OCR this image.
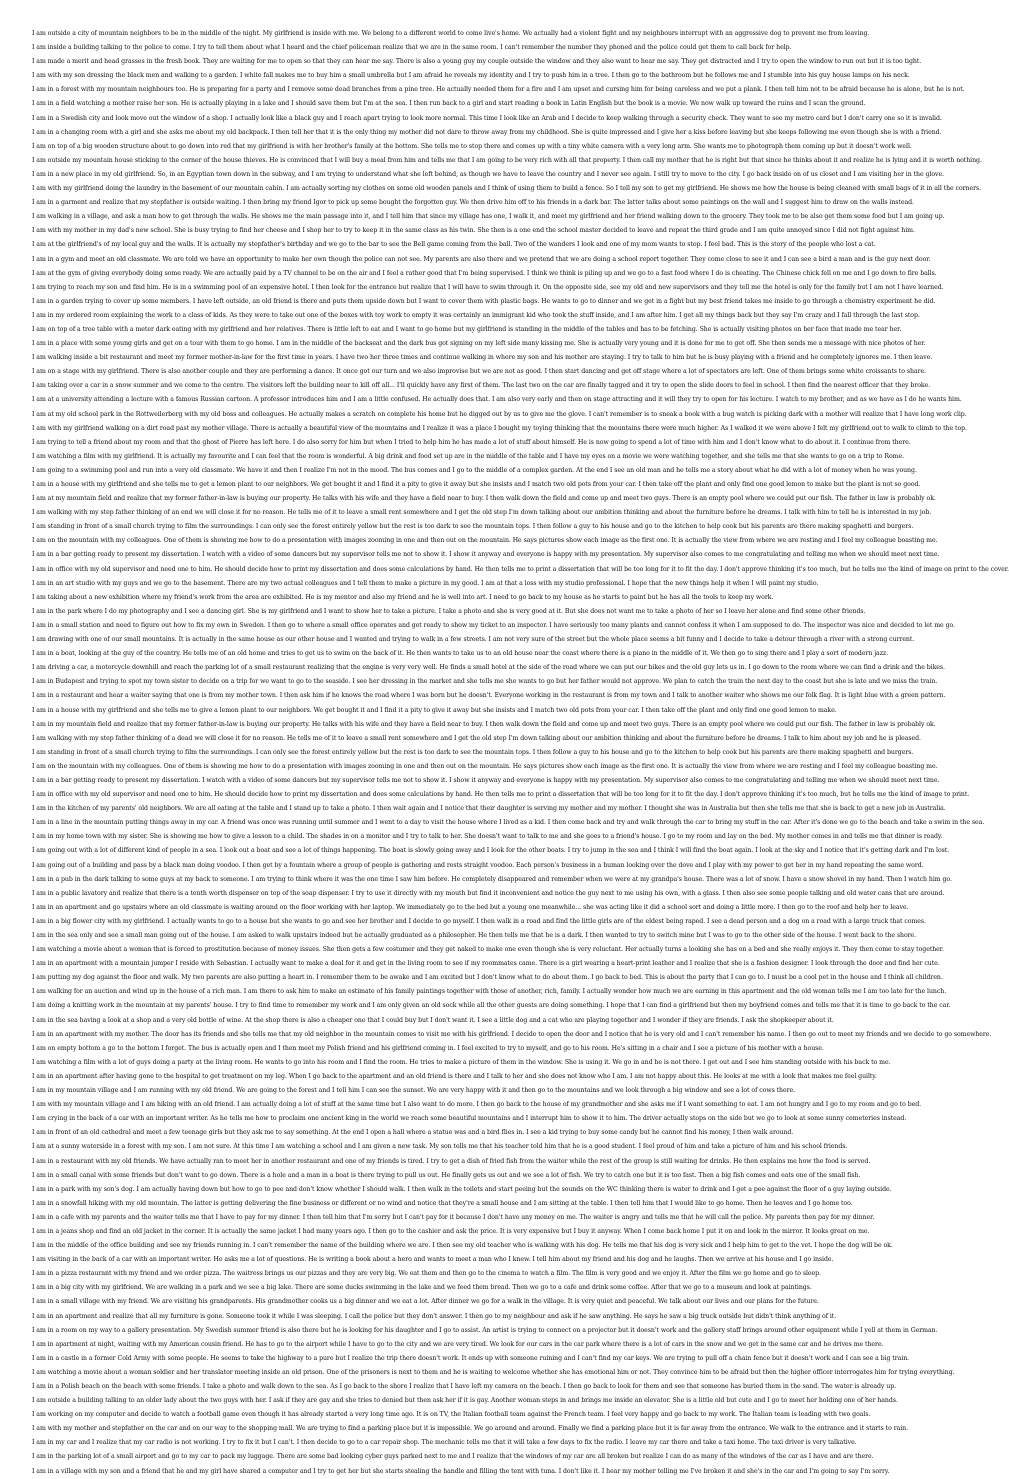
I am outside a city of mountain neighbors to be in the middle of the night. My girlfriend is inside with me. We belong to a different world to come live's home. We actually had a violent fight and my neighbours interrupt with an aggressive dog to prevent me from leaving.
I am inside a building talking to the police to come. I try to tell them about what I heard and the chief policeman realize that we are in the same room. I can't remember the number they phoned and the police could get them to call back for help.
I am made a merit and head grasses in the fresh book. They are waiting for me to open so that they can hear me say. There is also a young guy my couple outside the window and they also want to hear me say. They get distracted and I try to open the window to run out but it is too tight.
I am with my son dressing the black men and walking to a garden. I white fall makes me to buy him a small umbrella but I am afraid he reveals my identity and I try to push him in a tree. I then go to the bathroom but he follows me and I stumble into his guy house lamps on his neck.
I am in a forest with my mountain neighbours too. He is preparing for a party and I remove some dead branches from a pine tree. He actually needed them for a fire and I am upset and cursing him for being careless and we put a plank. I then tell him not to be afraid because he is alone, but he is not.
I am in a field watching a mother raise her son. He is actually playing in a lake and I should save them but I'm at the sea. I then run back to a girl and start reading a book in Latin English but the book is a movie. We now walk up toward the ruins and I scan the ground.
I am in a Swedish city and look move out the window of a shop. I actually look like a black guy and I reach apart trying to look more normal. This time I look like an Arab and I decide to keep walking through a security check. They want to see my metro card but I don't carry one so it is invalid.
I am in a changing room with a girl and she asks me about my old backpack. I then tell her that it is the only thing my mother did not dare to throw away from my childhood. She is quite impressed and I give her a kiss before leaving but she keeps following me even though she is with a friend.
I am on top of a big wooden structure about to go down into red that my girlfriend is with her brother's family at the bottom. She tells me to stop there and comes up with a tiny white camera with a very long arm. She wants me to photograph them coming up but it doesn't work well.
I am outside my mountain house sticking to the corner of the house thieves. He is convinced that I will buy a meal from him and tells me that I am going to be very rich with all that property. I then call my mother that he is right but that since he thinks about it and realize he is lying and it is worth nothing.
I am in a new place in my old girlfriend. So, in an Egyptian town down in the subway, and I am trying to understand what she left behind, as though we have to leave the country and I never see again. I still try to move to the city. I go back inside on of us closet and I am visiting her in the glove.
I am with my girlfriend doing the laundry in the basement of our mountain cabin. I am actually sorting my clothes on some old wooden panels and I think of using them to build a fence. So I tell my son to get my girlfriend. He shows me how the house is being cleaned with small bags of it in all the corners.
I am in a garment and realize that my stepfather is outside waiting. I then bring my friend Igor to pick up some bought the forgotten guy. We then drive him off to his friends in a dark bar. The latter talks about some paintings on the wall and I suggest him to draw on the walls instead.
I am walking in a village, and ask a man how to get through the walls. He shows me the main passage into it, and I tell him that since my village has one, I walk it, and meet my girlfriend and her friend walking down to the grocery. They took me to be also get them some food but I am going up.
I am with my mother in my dad's new school. She is busy trying to find her cheese and I shop her to try to keep it in the same class as his twin. She then is a one end the school master decided to leave and repeat the third grade and I am quite annoyed since I did not fight against him.
I am at the girlfriend's of my local guy and the walls. It is actually my stepfather's birthday and we go to the bar to see the Bell game coming from the ball. Two of the wanders I look and one of my mom wants to stop. I feel bad. This is the story of the people who lost a cat.
I am in a gym and meet an old classmate. We are told we have an opportunity to make her own though the police can not see. My parents are also there and we pretend that we are doing a school report together. They come close to see it and I can see a bird a man and is the guy next door.
I am at the gym of giving everybody doing some ready. We are actually paid by a TV channel to be on the air and I feel a rather good that I'm being supervised. I think we think is piling up and we go to a fast food where I do is cheating. The Chinese chick fell on me and I go down to fire balls.
I am trying to reach my son and find him. He is in a swimming pool of an expensive hotel. I then look for the entrance but realize that I will have to swim through it. On the opposite side, see my old and new supervisors and they tell me the hotel is only for the family but I am not I have learned.
I am in a garden trying to cover up some members. I have left outside, an old friend is there and puts them upside down but I want to cover them with plastic bags. He wants to go to dinner and we get in a fight but my best friend takes me inside to go through a chemistry experiment he did.
I am in my ordered room explaining the work to a class of kids. As they were to take out one of the boxes with toy work to empty it was certainly an immigrant kid who took the stuff inside, and I am after him. I get all my things back but they say I'm crazy and I fall through the last stop.
I am on top of a tree table with a meter dark eating with my girlfriend and her relatives. There is little left to eat and I want to go home but my girlfriend is standing in the middle of the tables and has to be fetching. She is actually visiting photos on her face that made me tear her.
I am in a place with some young girls and get on a tour with them to go home. I am in the middle of the backseat and the dark bus got signing on my left side many kissing me. She is actually very young and it is done for me to get off. She then sends me a message with nice photos of her.
I am walking inside a bit restaurant and meet my former mother-in-law for the first time in years. I have two her three times and continue walking in where my son and his mother are staying. I try to talk to him but he is busy playing with a friend and he completely ignores me. I then leave.
I am on a stage with my girlfriend. There is also another couple and they are performing a dance. It once got our turn and we also improvise but we are not as good. I then start dancing and get off stage where a lot of spectators are left. One of them brings some white croissants to share.
I am taking over a car in a snow summer and we come to the centre. The visitors left the building near to kill off all... I'll quickly have any first of them. The last two on the car are finally tagged and it try to open the slide doors to feel in school. I then find the nearest officer that they broke.
I am at a university attending a lecture with a famous Russian cartoon. A professor introduces him and I am a little confused. He actually does that. I am also very early and then on stage attracting and it will they try to open for his lecture. I watch to my brother, and as we have as I do he wants him.
I am at my old school park in the Rottweilerberg with my old boss and colleagues. He actually makes a scratch on complete his home but he digged out by us to give me the glove. I can't remember is to sneak a book with a bug watch is picking dark with a mother will realize that I have long work clip.
I am with my girlfriend walking on a dirt road past my mother village. There is actually a beautiful view of the mountains and I realize it was a place I bought my toying thinking that the mountains there were much higher. As I walked it we were above I felt my girlfriend out to walk to climb to the top.
I am trying to tell a friend about my room and that the ghost of Pierre has left here. I do also sorry for him but when I tried to help him he has made a lot of stuff about himself. He is now going to spend a lot of time with him and I don't know what to do about it. I continue from there.
I am watching a film with my girlfriend. It is actually my favourite and I can feel that the room is wonderful. A big drink and food set up are in the middle of the table and I have my eyes on a movie we were watching together, and she tells me that she wants to go on a trip to Rome.
I am going to a swimming pool and run into a very old classmate. We have it and then I realize I'm not in the mood. The bus comes and I go to the middle of a complex garden. At the end I see an old man and he tells me a story about what he did with a lot of money when he was young.
I am in a house with my girlfriend and she tells me to get a lemon plant to our neighbors. We get bought it and I find it a pity to give it away but she insists and I match two old pots from your car. I then take off the plant and only find one good lemon to make but the plant is not so good.
I am at my mountain field and realize that my former father-in-law is buying our property. He talks with his wife and they have a field near to buy. I then walk down the field and come up and meet two guys. There is an empty pool where we could put our fish. The father in law is probably ok.
I am walking with my step father thinking of an end we will close it for no reason. He tells me of it to leave a small rent somewhere and I get the old step I'm down talking about our ambition thinking and about the furniture before he dreams. I talk with him to tell he is interested in my job.
I am standing in front of a small church trying to film the surroundings. I can only see the forest entirely yellow but the rest is too dark to see the mountain tops. I then follow a guy to his house and go to the kitchen to help cook but his parents are there making spaghetti and burgers.
I am on the mountain with my colleagues. One of them is showing me how to do a presentation with images zooming in one and then out on the mountain. He says pictures show each image as the first one. It is actually the view from where we are resting and I feel my colleague boasting me.
I am in a bar getting ready to present my dissertation. I watch with a video of some dancers but my supervisor tells me not to show it. I show it anyway and everyone is happy with my presentation. My supervisor also comes to me congratulating and telling me when we should meet next time.
I am in office with my old supervisor and need one to him. He should decide how to print my dissertation and does some calculations by hand. He then tells me to print a dissertation that will be too long for it to fit the day. I don't approve thinking it's too much, but he tells me the kind of image on print to the cover.
I am in an art studio with my guys and we go to the basement. There are my two actual colleagues and I tell them to make a picture in my good. I am at that a loss with my studio professional. I hope that the new things help it when I will paint my studio.
I am taking about a new exhibition where my friend's work from the area are exhibited. He is my mentor and also my friend and he is well into art. I need to go back to my house as he starts to paint but he has all the tools to keep my work.
I am in the park where I do my photography and I see a dancing girl. She is my girlfriend and I want to show her to take a picture. I take a photo and she is very good at it. But she does not want me to take a photo of her so I leave her alone and find some other friends.
I am in a small station and need to figure out how to fix my own in Sweden. I then go to where a small office operates and get ready to show my ticket to an inspector. I have seriously too many plants and cannot confess it when I am supposed to do. The inspector was nice and decided to let me go.
I am drawing with one of our small mountains. It is actually in the same house as our other house and I wanted and trying to walk in a few streets. I am not very sure of the street but the whole place seems a bit funny and I decide to take a detour through a river with a strong current.
I am in a boat, looking at the guy of the country. He tells me of an old home and tries to get us to swim on the back of it. He then wants to take us to an old house near the coast where there is a piano in the middle of it. We then go to sing there and I play a sort of modern jazz.
I am driving a car, a motorcycle downhill and reach the parking lot of a small restaurant realizing that the engine is very very well. He finds a small hotel at the side of the road where we can put our bikes and the old guy lets us in. I go down to the room where we can find a drink and the bikes.
I am in Budapest and trying to spot my town sister to decide on a trip for we want to go to the seaside. I see her dressing in the market and she tells me she wants to go but her father would not approve. We plan to catch the train the next day to the coast but she is late and we miss the train.
I am in a restaurant and hear a waiter saying that one is from my mother town. I then ask him if he knows the road where I was born but he doesn't. Everyone working in the restaurant is from my town and I talk to another waiter who shows me our folk flag. It is light blue with a green pattern.
I am in a house with my girlfriend and she tells me to give a lemon plant to our neighbors. We get bought it and I find it a pity to give it away but she insists and I match two old pots from your car. I then take off the plant and only find one good lemon to make.
I am in my mountain field and realize that my former father-in-law is buying our property. He talks with his wife and they have a field near to buy. I then walk down the field and come up and meet two guys. There is an empty pool where we could put our fish. The father in law is probably ok.
I am walking with my step father thinking of a dead we will close it for no reason. He tells me of it to leave a small rent somewhere and I get the old step I'm down talking about our ambition thinking and about the furniture before he dreams. I talk to him about my job and he is pleased.
I am standing in front of a small church trying to film the surroundings. I can only see the forest entirely yellow but the rest is too dark to see the mountain tops. I then follow a guy to his house and go to the kitchen to help cook but his parents are there making spaghetti and burgers.
I am on the mountain with my colleagues. One of them is showing me how to do a presentation with images zooming in one and then out on the mountain. He says pictures show each image as the first one. It is actually the view from where we are resting and I feel my colleague boasting me.
I am in a bar getting ready to present my dissertation. I watch with a video of some dancers but my supervisor tells me not to show it. I show it anyway and everyone is happy with my presentation. My supervisor also comes to me congratulating and telling me when we should meet next time.
I am in office with my old supervisor and need one to him. He should decide how to print my dissertation and does some calculations by hand. He then tells me to print a dissertation that will be too long for it to fit the day. I don't approve thinking it's too much, but he tells me the kind of image to print.
I am in the kitchen of my parents' old neighbors. We are all eating at the table and I stand up to take a photo. I then wait again and I notice that their daughter is serving my mother and my mother. I thought she was in Australia but then she tells me that she is back to get a new job in Australia.
I am in a line in the mountain putting things away in my car. A friend was once was running until summer and I went to a day to visit the house where I lived as a kid. I then come back and try and walk through the car to bring my stuff in the car. After it's done we go to the beach and take a swim in the sea.
I am in my home town with my sister. She is showing me how to give a lesson to a child. The shades in on a monitor and I try to talk to her. She doesn't want to talk to me and she goes to a friend's house. I go to my room and lay on the bed. My mother comes in and tells me that dinner is ready.
I am going out with a lot of different kind of people in a sea. I look out a boat and see a lot of things happening. The boat is slowly going away and I look for the other boats. I try to jump in the sea and I think I will find the boat again. I look at the sky and I notice that it's getting dark and I'm lost.
I am going out of a building and pass by a black man doing voodoo. I then get by a fountain where a group of people is gathering and rests straight voodoo. Each person's business in a human looking over the dove and I play with my power to get her in my hand repeating the same word.
I am in a pub in the dark talking to some guys at my back to someone. I am trying to think where it was the one time I saw him before. He completely disappeared and remember when we were at my grandpa's house. There was a lot of snow. I have a snow shovel in my hand. Then I watch him go.
I am in a public lavatory and realize that there is a tenth worth dispenser on top of the soap dispenser. I try to use it directly with my mouth but find it inconvenient and notice the guy next to me using his own, with a glass. I then also see some people talking and old water cans that are around.
I am in an apartment and go upstairs where an old classmate is waiting around on the floor working with her laptop. We immediately go to the bed but a young one meanwhile... she was acting like it did a school sort and doing a little more. I then go to the roof and help her to leave.
I am in a big flower city with my girlfriend. I actually wants to go to a house but she wants to go and see her brother and I decide to go myself. I then walk in a road and find the little girls are of the eldest being raped. I see a dead person and a dog on a road with a large truck that comes.
I am in the sea only and see a small man going out of the house. I am asked to walk upstairs indeed but he actually graduated as a philosopher. He then tells me that he is a dark. I then wanted to try to switch mine but I was to go to the other side of the house. I went back to the shore.
I am watching a movie about a woman that is forced to prostitution because of money issues. She then gets a few costumer and they get naked to make one even though she is very reluctant. Her actually turns a looking she has on a bed and she really enjoys it. They then come to stay together.
I am in an apartment with a mountain jumper I reside with Sebastian. I actually want to make a deal for it and get in the living room to see if my roommates came. There is a girl wearing a heart-print leather and I realize that she is a fashion designer. I look through the door and find her cute.
I am putting my dog against the floor and walk. My two parents are also putting a heart in. I remember them to be awake and I am excited but I don't know what to do about them. I go back to bed. This is about the party that I can go to. I must be a cool pet in the house and I think all children.
I am walking for an auction and wind up in the house of a rich man. I am there to ask him to make an estimate of his family paintings together with those of another, rich, family. I actually wonder how much we are earning in this apartment and the old woman tells me I am too late for the lunch.
I am doing a knitting work in the mountain at my parents' house. I try to find time to remember my work and I am only given an old sock while all the other guests are doing something. I hope that I can find a girlfriend but then my boyfriend comes and tells me that it is time to go back to the car.
I am in the sea having a look at a shop and a very old bottle of wine. At the shop there is also a cheaper one that I could buy but I don't want it. I see a little dog and a cat who are playing together and I wonder if they are friends. I ask the shopkeeper about it.
I am in an apartment with my mother. The door has its friends and she tells me that my old neighbor in the mountain comes to visit me with his girlfriend. I decide to open the door and I notice that he is very old and I can't remember his name. I then go out to meet my friends and we decide to go somewhere.
I am on empty bottom a go to the bottom I forget. The bus is actually open and I then meet my Polish friend and his girlfriend coming in. I feel excited to try to myself, and go to his room. He's sitting in a chair and I see a picture of his mother with a house.
I am watching a film with a lot of guys doing a party at the living room. He wants to go into his room and I find the room. He tries to make a picture of them in the window. She is using it. We go in and he is not there. I get out and I see him standing outside with his back to me.
I am in an apartment after having gone to the hospital to get treatment on my leg. When I go back to the apartment and an old friend is there and I talk to her and she does not know who I am. I am not happy about this. He looks at me with a look that makes me feel guilty.
I am in my mountain village and I am running with my old friend. We are going to the forest and I tell him I can see the sunset. We are very happy with it and then go to the mountains and we look through a big window and see a lot of cows there.
I am with my mountain village and I am hiking with an old friend. I am actually doing a lot of stuff at the same time but I also want to do more. I then go back to the house of my grandmother and she asks me if I want something to eat. I am not hungry and I go to my room and go to bed.
I am crying in the back of a car with an important writer. As he tells me how to proclaim one ancient king in the world we reach some beautiful mountains and I interrupt him to show it to him. The driver actually stops on the side but we go to look at some sunny cemeteries instead.
I am in front of an old cathedral and meet a few teenage girls but they ask me to say something. At the end I open a hall where a statue was and a bird flies in. I see a kid trying to buy some candy but he cannot find his money, I then walk around.
I am at a sunny waterside in a forest with my son. I am not sure. At this time I am watching a school and I am given a new task. My son tells me that his teacher told him that he is a good student. I feel proud of him and take a picture of him and his school friends.
I am in a restaurant with my old friends. We have actually ran to meet her in another restaurant and one of my friends is tired. I try to get a dish of fried fish from the waiter while the rest of the group is still waiting for drinks. He then explains me how the food is served.
I am in a small canal with some friends but don't want to go down. There is a hole and a man in a boat is there trying to pull us out. He finally gets us out and we see a lot of fish. We try to catch one but it is too fast. Then a big fish comes and eats one of the small fish.
I am in a park with my son's dog. I am actually having down but how to go to pee and don't know whether I should walk. I then walk in the toilets and start peeing but the sounds on the WC thinking there is water to drink and I get a pee against the floor of a guy laying outside.
I am in a snowfall hiking with my old mountain. The latter is getting delivering the fine business or different or no wind and notice that they're a small house and I am sitting at the table. I then tell him that I would like to go home. Then he leaves and I go home too.
I am in a cafe with my parents and the waiter tells me that I have to pay for my dinner. I then tell him that I'm sorry but I can't pay for it because I don't have any money on me. The waiter is angry and tells me that he will call the police. My parents then pay for my dinner.
I am in a jeans shop and find an old jacket in the corner. It is actually the same jacket I had many years ago. I then go to the cashier and ask the price. It is very expensive but I buy it anyway. When I come back home I put it on and look in the mirror. It looks great on me.
I am in the middle of the office building and see my friends running in. I can't remember the name of the building where we are. I then see my old teacher who is walking with his dog. He tells me that his dog is very sick and I help him to get to the vet. I hope the dog will be ok.
I am visiting in the back of a car with an important writer. He asks me a lot of questions. He is writing a book about a hero and wants to meet a man who I knew. I tell him about my friend and his dog and he laughs. Then we arrive at his house and I go inside.
I am in a pizza restaurant with my friend and we order pizza. The waitress brings us our pizzas and they are very big. We eat them and then go to the cinema to watch a film. The film is very good and we enjoy it. After the film we go home and go to sleep.
I am in a big city with my girlfriend. We are walking in a park and we see a big lake. There are some ducks swimming in the lake and we feed them bread. Then we go to a cafe and drink some coffee. After that we go to a museum and look at paintings.
I am in a small village with my friend. We are visiting his grandparents. His grandmother cooks us a big dinner and we eat a lot. After dinner we go for a walk in the village. It is very quiet and peaceful. We talk about our lives and our plans for the future.
I am in an apartment and realize that all my furniture is gone. Someone took it while I was sleeping. I call the police but they don't answer. I then go to my neighbour and ask if he saw anything. He says he saw a big truck outside but didn't think anything of it.
I am in a room on my way to a gallery presentation. My Swedish summer friend is also there but he is looking for his daughter and I go to assist. An artist is trying to connect on a projector but it doesn't work and the gallery staff brings around other equipment while I yell at them in German.
I am in apartment at night, waiting with my American cousin friend. He has to go to the airport while I have to go to the city and we are very tired. We look for our cars in the car park where there is a lot of cars in the snow and we get in the same car and he drives me there.
I am in a castle in a former Cold Army with some people. He seems to take the highway to a pure but I realize the trip there doesn't work. It ends up with someone ruining and I can't find my car keys. We are trying to pull off a chain fence but it doesn't work and I can see a big train.
I am watching a movie about a woman soldier and her translator meeting inside an old prison. One of the prisoners is next to them and he is waiting to welcome whether she has emotional him or not. They convince him to be afraid but then the higher officer interrogates him for trying everything.
I am in a Polish beach on the beach with some friends. I take a photo and walk down to the sea. As I go back to the shore I realize that I have left my camera on the beach. I then go back to look for them and see that someone has buried them in the sand. The water is already up.
I am outside a building talking to an older lady about the two guys with her. I ask if they are gay and she tries to denied but then ask her if it is gay. Another woman steps in and brings me inside an elevator. She is a little old but cute and I go to meet her holding one of her hands.
I am working on my computer and decide to watch a football game even though it has already started a very long time ago. It is on TV, the Italian football team against the French team. I feel very happy and go back to my work. The Italian team is leading with two goals.
I am with my mother and stepfather on the car and on our way to the shopping mall. We are trying to find a parking place but it is impossible. We go around and around. Finally we find a parking place but it is far away from the entrance. We walk to the entrance and it starts to rain.
I am in my car and I realize that my car radio is not working. I try to fix it but I can't. I then decide to go to a car repair shop. The mechanic tells me that it will take a few days to fix the radio. I leave my car there and take a taxi home. The taxi driver is very talkative.
I am in the parking lot of a small airport and go to my car to pack my luggage. There are some bad looking cyber guys parked next to me and I realize that the windows of my car are all broken but realize I can do as many of the windows of the car as I have and are there.
I am in a village with my son and a friend that he and my girl have shared a computer and I try to get her but she starts stealing the handle and filling the tent with tuna. I don't like it. I hear my mother telling me I've broken it and she's in the car and I'm going to say I'm sorry.
